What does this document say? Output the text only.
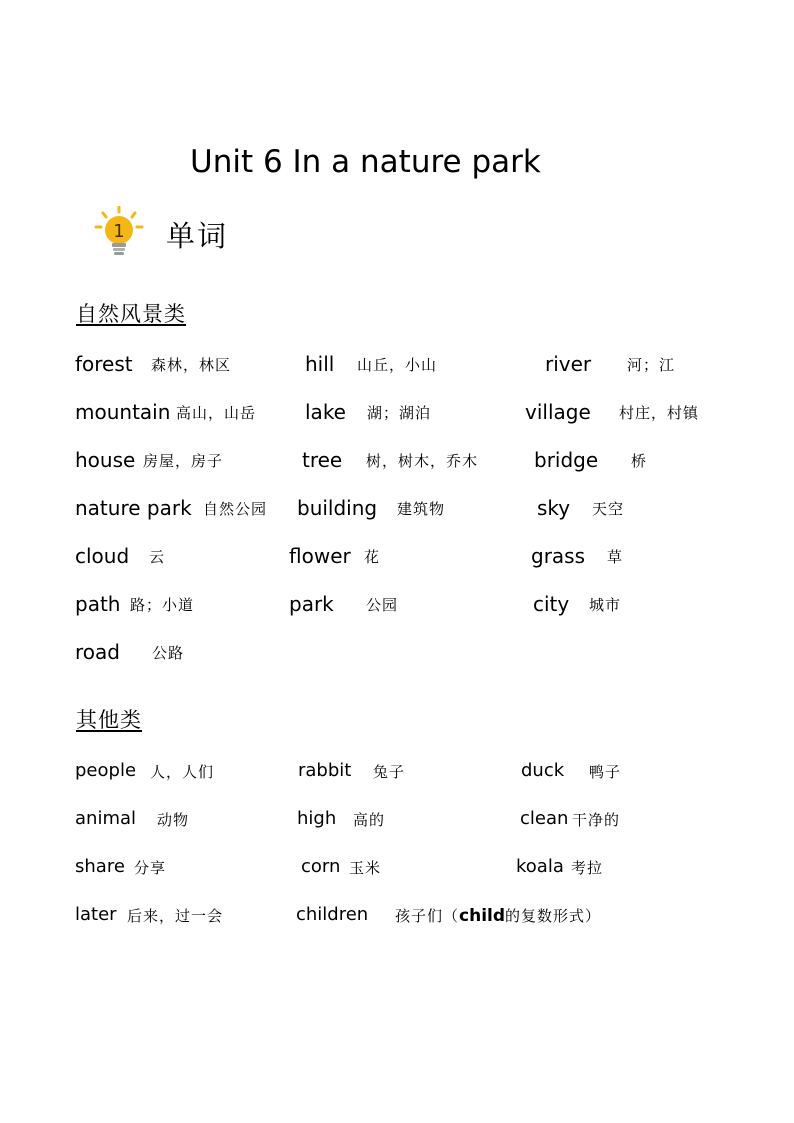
Unit 6 In a nature park
1 单词
自然风景类
forest 森林，林区	hill 山丘，小山	river 河；江
mountain 高山，山岳 lake 湖；湖泊	village 村庄，村镇
house 房屋，房子	tree 树，树木，乔木	bridge 桥
nature park 自然公园 building 建筑物	sky 天空
cloud 云	flower 花	grass 草
path 路；小道	park 公园	city 城市
road 公路
其他类
people 人，人们	rabbit 兔子	duck 鸭子
animal 动物	high 高的	clean 干净的
share 分享	corn 玉米	koala 考拉
later 后来，过一会	children 孩子们（child的复数形式）
